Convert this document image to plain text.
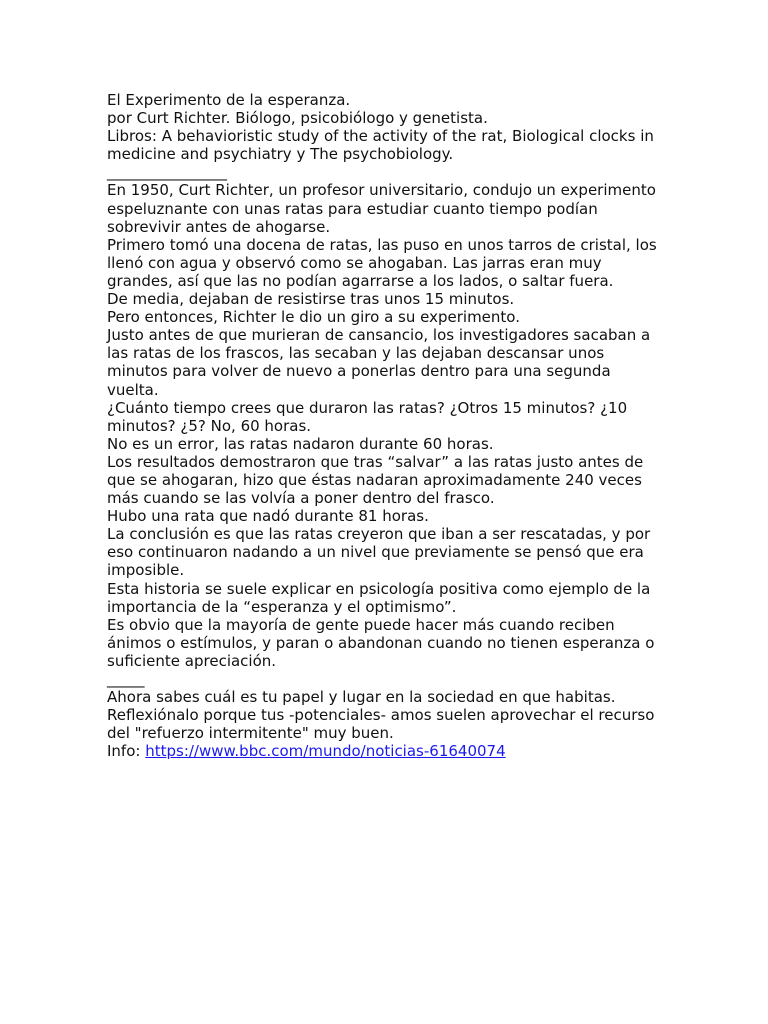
El Experimento de la esperanza.
por Curt Richter. Biólogo, psicobiólogo y genetista.
Libros: A behavioristic study of the activity of the rat, Biological clocks in
medicine and psychiatry y The psychobiology.
________________
En 1950, Curt Richter, un profesor universitario, condujo un experimento
espeluznante con unas ratas para estudiar cuanto tiempo podían
sobrevivir antes de ahogarse.
Primero tomó una docena de ratas, las puso en unos tarros de cristal, los
llenó con agua y observó como se ahogaban. Las jarras eran muy
grandes, así que las no podían agarrarse a los lados, o saltar fuera.
De media, dejaban de resistirse tras unos 15 minutos.
Pero entonces, Richter le dio un giro a su experimento.
Justo antes de que murieran de cansancio, los investigadores sacaban a
las ratas de los frascos, las secaban y las dejaban descansar unos
minutos para volver de nuevo a ponerlas dentro para una segunda
vuelta.
¿Cuánto tiempo crees que duraron las ratas? ¿Otros 15 minutos? ¿10
minutos? ¿5? No, 60 horas.
No es un error, las ratas nadaron durante 60 horas.
Los resultados demostraron que tras “salvar” a las ratas justo antes de
que se ahogaran, hizo que éstas nadaran aproximadamente 240 veces
más cuando se las volvía a poner dentro del frasco.
Hubo una rata que nadó durante 81 horas.
La conclusión es que las ratas creyeron que iban a ser rescatadas, y por
eso continuaron nadando a un nivel que previamente se pensó que era
imposible.
Esta historia se suele explicar en psicología positiva como ejemplo de la
importancia de la “esperanza y el optimismo”.
Es obvio que la mayoría de gente puede hacer más cuando reciben
ánimos o estímulos, y paran o abandonan cuando no tienen esperanza o
suficiente apreciación.
_____
Ahora sabes cuál es tu papel y lugar en la sociedad en que habitas.
Reflexiónalo porque tus -potenciales- amos suelen aprovechar el recurso
del "refuerzo intermitente" muy buen.
Info: https://www.bbc.com/mundo/noticias-61640074
